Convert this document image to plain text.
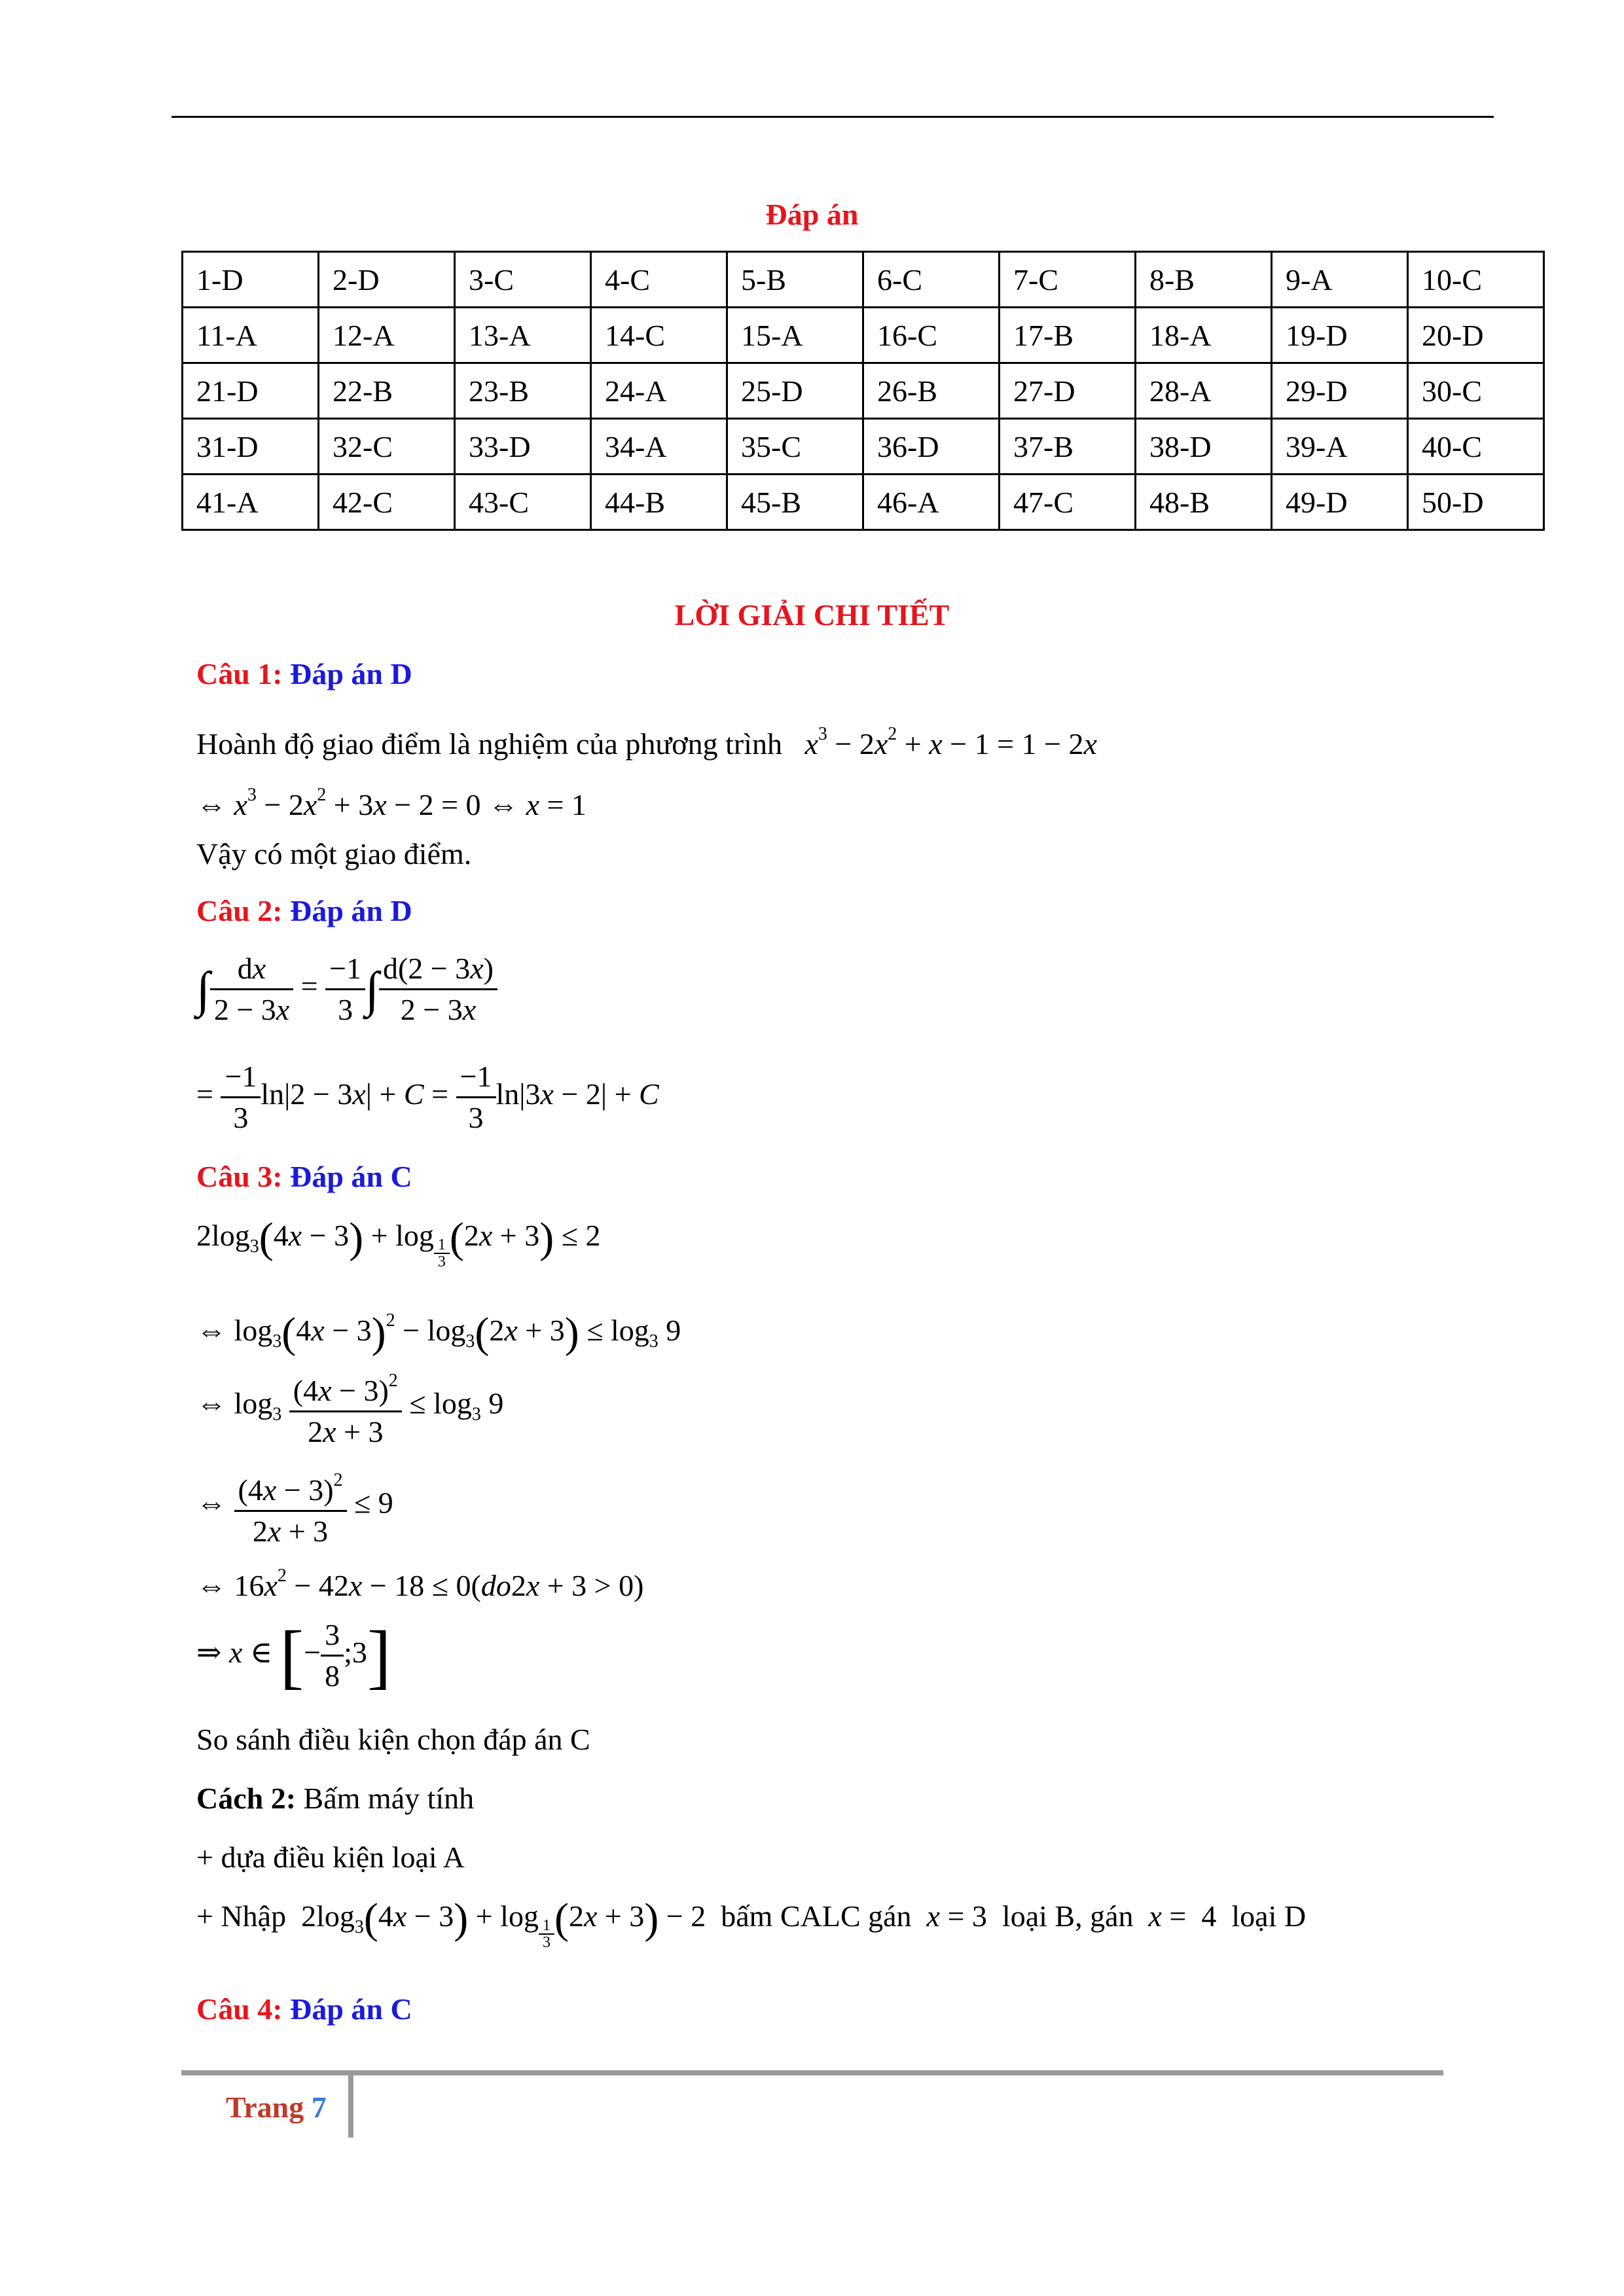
Đáp án
1-D	2-D	3-C	4-C	5-B	6-C	7-C	8-B	9-A	10-C
11-A	12-A	13-A	14-C	15-A	16-C	17-B	18-A	19-D	20-D
21-D	22-B	23-B	24-A	25-D	26-B	27-D	28-A	29-D	30-C
31-D	32-C	33-D	34-A	35-C	36-D	37-B	38-D	39-A	40-C
41-A	42-C	43-C	44-B	45-B	46-A	47-C	48-B	49-D	50-D
LỜI GIẢI CHI TIẾT
Câu 1: Đáp án D
Hoành độ giao điểm là nghiệm của phương trình $x^3 - 2x^2 + x - 1 = 1 - 2x$
⇔ $x^3 - 2x^2 + 3x - 2 = 0$ ⇔ x = 1
Vậy có một giao điểm.
Câu 2: Đáp án D
∫ $\frac{dx}{2 - 3x} = \frac{-1}{3}$ ∫ $\frac{d(2 - 3x)}{2 - 3x}$
= $\frac{-1}{3} \ln|2 - 3x| + C = \frac{-1}{3} \ln|3x - 2| + C$
Câu 3: Đáp án C
$2\log_3(4x - 3) + \log$
$_{\frac{1}{3}}$ (2x + 3) ≤ 2
⇔ $\log_3(4x - 3)^2 - \log_3(2x + 3) \le \log_3 9$
⇔ $\log_3 \frac{(4x - 3)^2}{2x + 3} \le \log_3 9$
⇔ $\frac{(4x - 3)^2}{2x + 3} \le 9$
⇔ $16x^2 - 42x - 18 \le 0(do2x + 3 > 0)$
⇒ x ∈ [− $\frac{3}{8}$ ;3]
So sánh điều kiện chọn đáp án C
Cách 2: Bấm máy tính
+ dựa điều kiện loại A
+ Nhập  $2\log_3(4x - 3) + \log$
$_{\frac{1}{3}}$ (2x + 3) − 2  bấm CALC gán x = 3  loại B, gán x =  4  loại D
Câu 4: Đáp án C
Trang 7
